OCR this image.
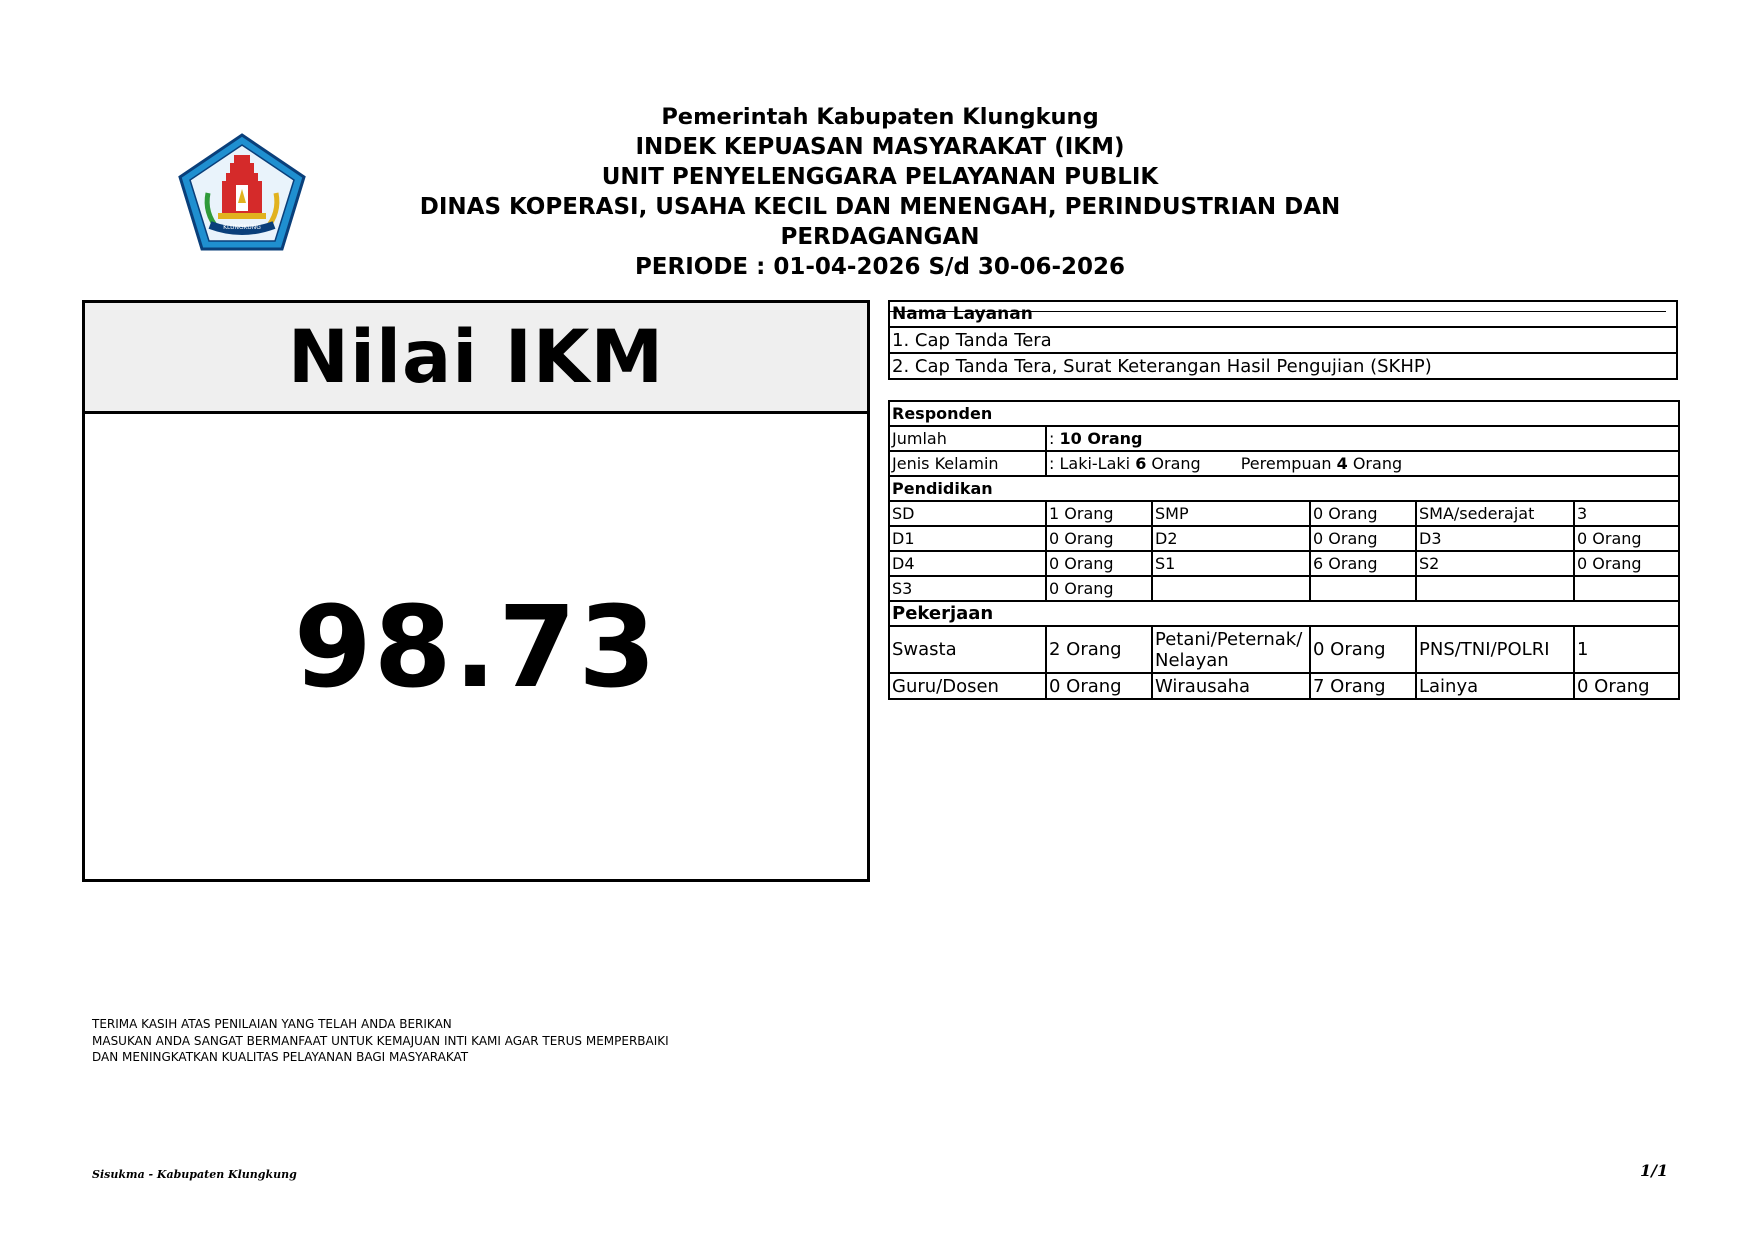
KLUNGKUNG
Pemerintah Kabupaten Klungkung
INDEK KEPUASAN MASYARAKAT (IKM)
UNIT PENYELENGGARA PELAYANAN PUBLIK
DINAS KOPERASI, USAHA KECIL DAN MENENGAH, PERINDUSTRIAN DAN
PERDAGANGAN
PERIODE : 01-04-2026 S/d 30-06-2026
Nilai IKM
98.73
Nama Layanan
1. Cap Tanda Tera
2. Cap Tanda Tera, Surat Keterangan Hasil Pengujian (SKHP)
Responden					
Jumlah	: 10 Orang				
Jenis Kelamin	: Laki-Laki 6 Orang Perempuan 4 Orang				
Pendidikan					
SD	1 Orang	SMP	0 Orang	SMA/sederajat	3
D1	0 Orang	D2	0 Orang	D3	0 Orang
D4	0 Orang	S1	6 Orang	S2	0 Orang
S3	0 Orang				
Pekerjaan					
Swasta	2 Orang	Petani/Peternak/ Nelayan	0 Orang	PNS/TNI/POLRI	1
Guru/Dosen	0 Orang	Wirausaha	7 Orang	Lainya	0 Orang
TERIMA KASIH ATAS PENILAIAN YANG TELAH ANDA BERIKAN
MASUKAN ANDA SANGAT BERMANFAAT UNTUK KEMAJUAN INTI KAMI AGAR TERUS MEMPERBAIKI
DAN MENINGKATKAN KUALITAS PELAYANAN BAGI MASYARAKAT
Sisukma - Kabupaten Klungkung	1/1
